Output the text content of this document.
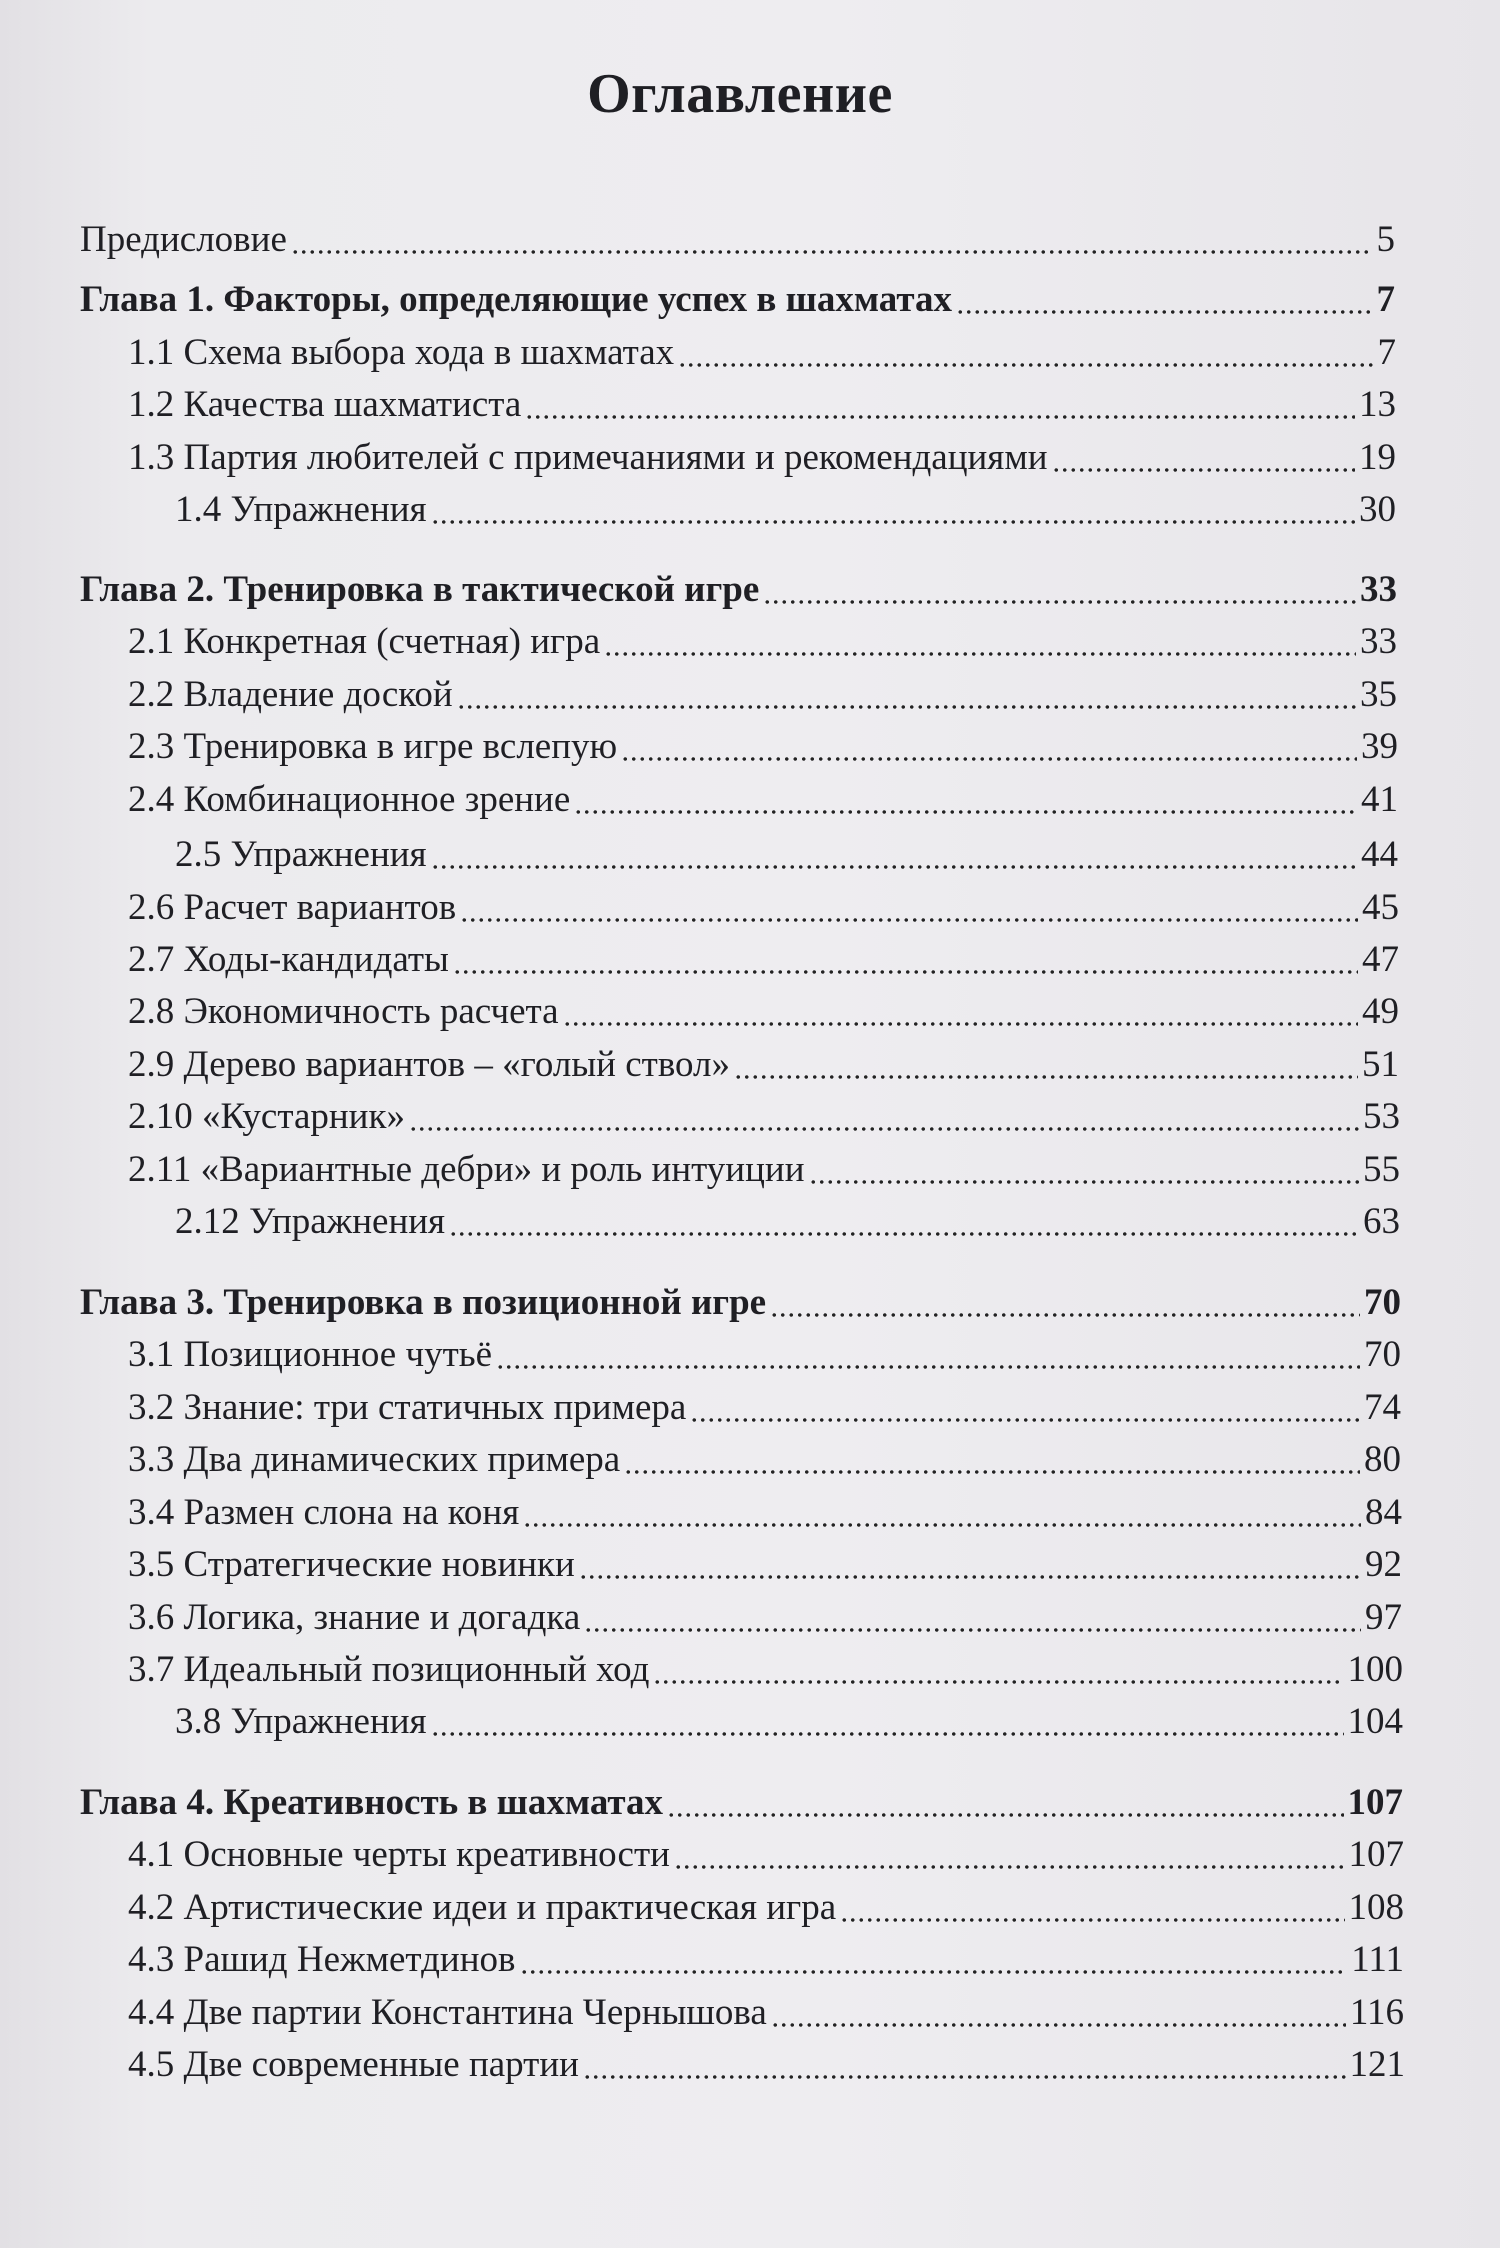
Оглавление
Предисловие	5
Глава 1. Факторы, определяющие успех в шахматах	7
1.1 Схема выбора хода в шахматах	7
1.2 Качества шахматиста	13
1.3 Партия любителей с примечаниями и рекомендациями	19
1.4 Упражнения	30
Глава 2. Тренировка в тактической игре	33
2.1 Конкретная (счетная) игра	33
2.2 Владение доской	35
2.3 Тренировка в игре вслепую	39
2.4 Комбинационное зрение	41
2.5 Упражнения	44
2.6 Расчет вариантов	45
2.7 Ходы-кандидаты	47
2.8 Экономичность расчета	49
2.9 Дерево вариантов – «голый ствол»	51
2.10 «Кустарник»	53
2.11 «Вариантные дебри» и роль интуиции	55
2.12 Упражнения	63
Глава 3. Тренировка в позиционной игре	70
3.1 Позиционное чутьё	70
3.2 Знание: три статичных примера	74
3.3 Два динамических примера	80
3.4 Размен слона на коня	84
3.5 Стратегические новинки	92
3.6 Логика, знание и догадка	97
3.7 Идеальный позиционный ход	100
3.8 Упражнения	104
Глава 4. Креативность в шахматах	107
4.1 Основные черты креативности	107
4.2 Артистические идеи и практическая игра	108
4.3 Рашид Нежметдинов	111
4.4 Две партии Константина Чернышова	116
4.5 Две современные партии	121
